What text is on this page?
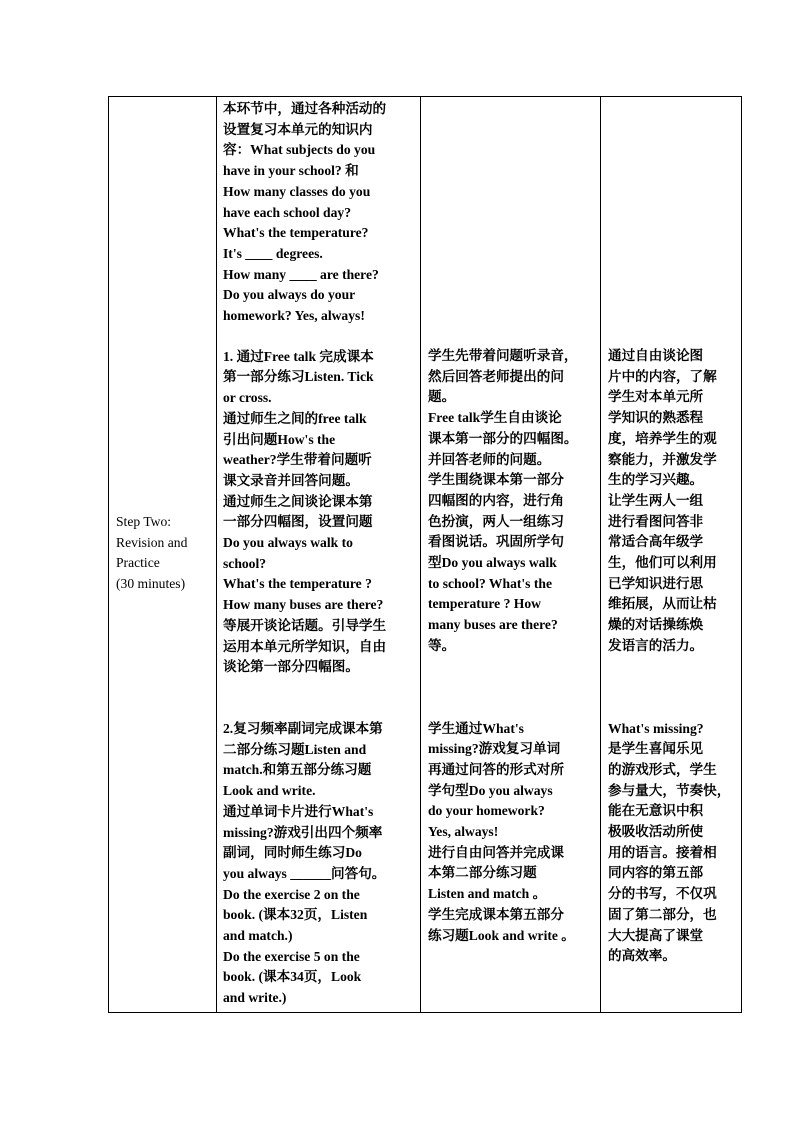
Step Two:
Revision and
Practice
(30 minutes)

本环节中，通过各种活动的
设置复习本单元的知识内
容：What subjects do you
have in your school? 和
How many classes do you
have each school day?
What's the temperature?
It's ____ degrees.
How many ____ are there?
Do you always do your
homework? Yes, always!
1. 通过Free talk 完成课本
第一部分练习Listen. Tick
or cross.
通过师生之间的free talk
引出问题How's the
weather?学生带着问题听
课文录音并回答问题。
通过师生之间谈论课本第
一部分四幅图，设置问题
Do you always walk to
school?
What's the temperature ?
How many buses are there?
等展开谈论话题。引导学生
运用本单元所学知识，自由
谈论第一部分四幅图。
2.复习频率副词完成课本第
二部分练习题Listen and
match.和第五部分练习题
Look and write.
通过单词卡片进行What's
missing?游戏引出四个频率
副词，同时师生练习Do
you always ______问答句。
Do the exercise 2 on the
book. (课本32页，Listen
and match.)
Do the exercise 5 on the
book. (课本34页，Look
and write.)

学生先带着问题听录音，
然后回答老师提出的问
题。
Free talk学生自由谈论
课本第一部分的四幅图。
并回答老师的问题。
学生围绕课本第一部分
四幅图的内容，进行角
色扮演，两人一组练习
看图说话。巩固所学句
型Do you always walk
to school? What's the
temperature ? How
many buses are there?
等。
学生通过What's
missing?游戏复习单词
再通过问答的形式对所
学句型Do you always
do your homework?
Yes, always!
进行自由问答并完成课
本第二部分练习题
Listen and match 。
学生完成课本第五部分
练习题Look and write 。

通过自由谈论图
片中的内容，了解
学生对本单元所
学知识的熟悉程
度，培养学生的观
察能力，并激发学
生的学习兴趣。
让学生两人一组
进行看图问答非
常适合高年级学
生，他们可以利用
已学知识进行思
维拓展，从而让枯
燥的对话操练焕
发语言的活力。
What's missing?
是学生喜闻乐见
的游戏形式，学生
参与量大，节奏快，
能在无意识中积
极吸收活动所使
用的语言。接着相
同内容的第五部
分的书写，不仅巩
固了第二部分，也
大大提高了课堂
的高效率。
